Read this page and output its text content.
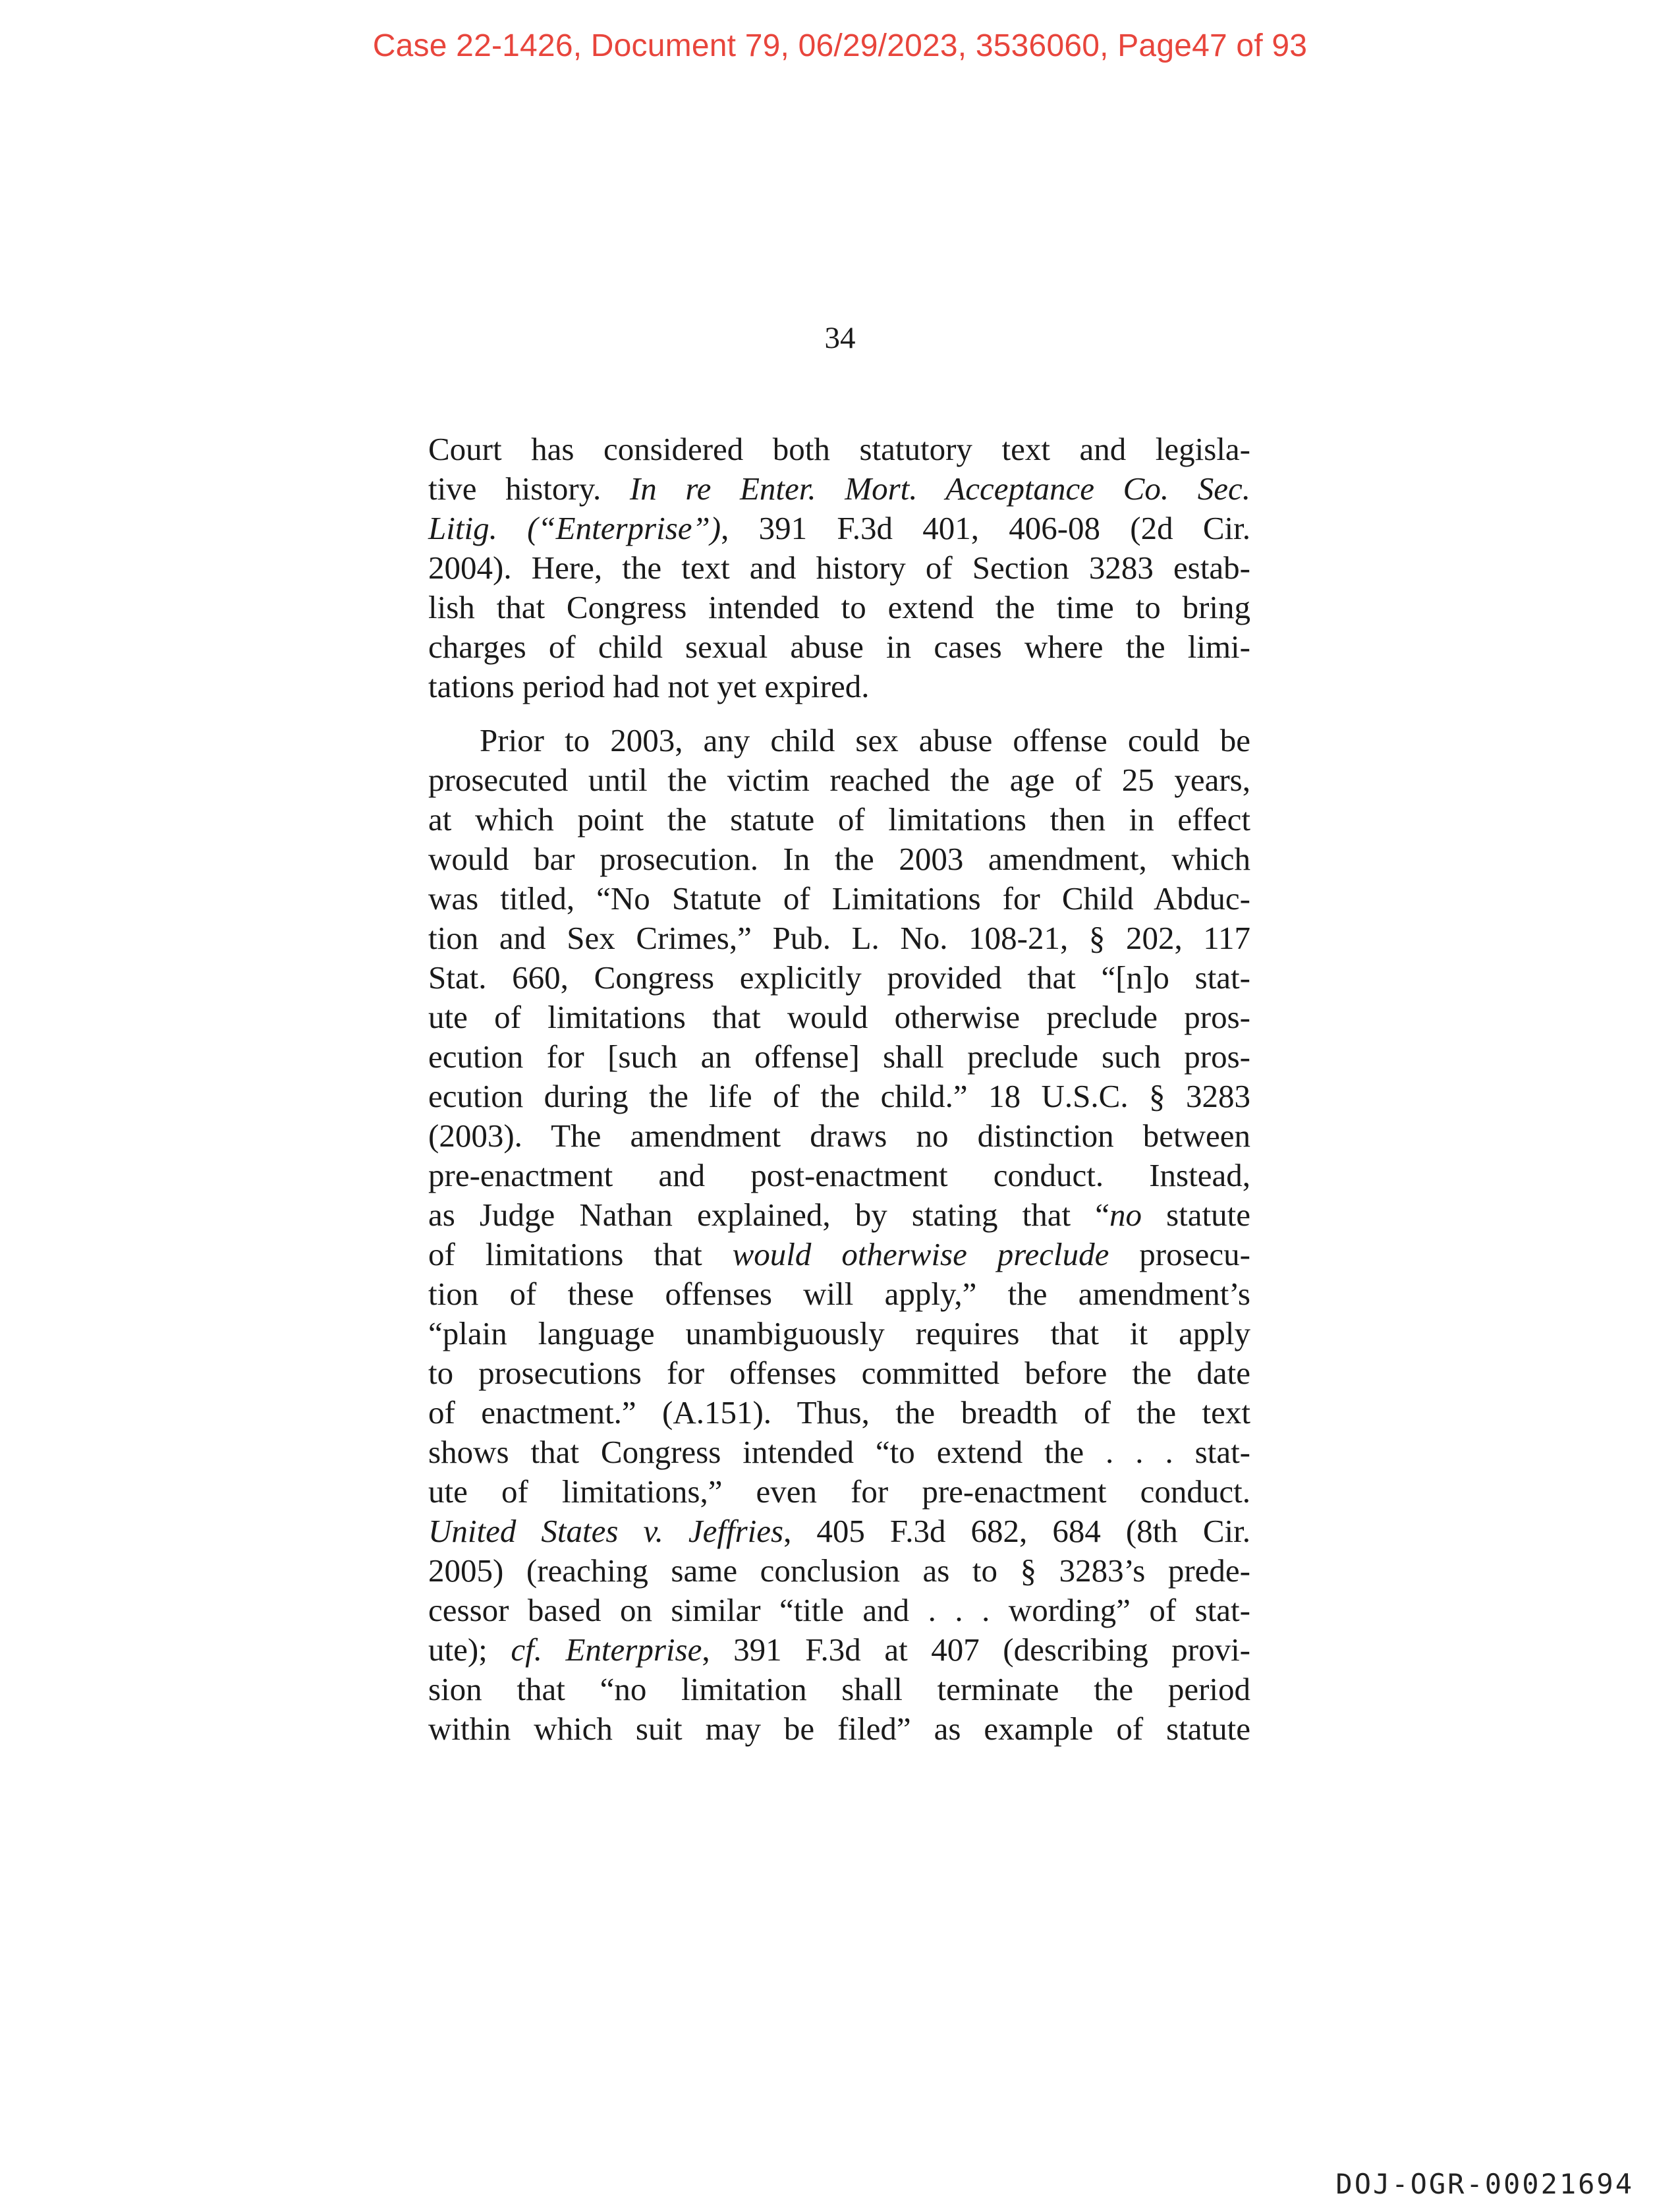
Case 22-1426, Document 79, 06/29/2023, 3536060, Page47 of 93
34

Court has considered both statutory text and legisla-
tive history. In re Enter. Mort. Acceptance Co. Sec.
Litig. (“Enterprise”), 391 F.3d 401, 406-08 (2d Cir.
2004). Here, the text and history of Section 3283 estab-
lish that Congress intended to extend the time to bring
charges of child sexual abuse in cases where the limi-
tations period had not yet expired.

Prior to 2003, any child sex abuse offense could be
prosecuted until the victim reached the age of 25 years,
at which point the statute of limitations then in effect
would bar prosecution. In the 2003 amendment, which
was titled, “No Statute of Limitations for Child Abduc-
tion and Sex Crimes,” Pub. L. No. 108-21, § 202, 117
Stat. 660, Congress explicitly provided that “[n]o stat-
ute of limitations that would otherwise preclude pros-
ecution for [such an offense] shall preclude such pros-
ecution during the life of the child.” 18 U.S.C. § 3283
(2003). The amendment draws no distinction between
pre-enactment and post-enactment conduct. Instead,
as Judge Nathan explained, by stating that “no statute
of limitations that would otherwise preclude prosecu-
tion of these offenses will apply,” the amendment’s
“plain language unambiguously requires that it apply
to prosecutions for offenses committed before the date
of enactment.” (A.151). Thus, the breadth of the text
shows that Congress intended “to extend the . . . stat-
ute of limitations,” even for pre-enactment conduct.
United States v. Jeffries, 405 F.3d 682, 684 (8th Cir.
2005) (reaching same conclusion as to § 3283’s prede-
cessor based on similar “title and . . . wording” of stat-
ute); cf. Enterprise, 391 F.3d at 407 (describing provi-
sion that “no limitation shall terminate the period
within which suit may be filed” as example of statute

DOJ-OGR-00021694
